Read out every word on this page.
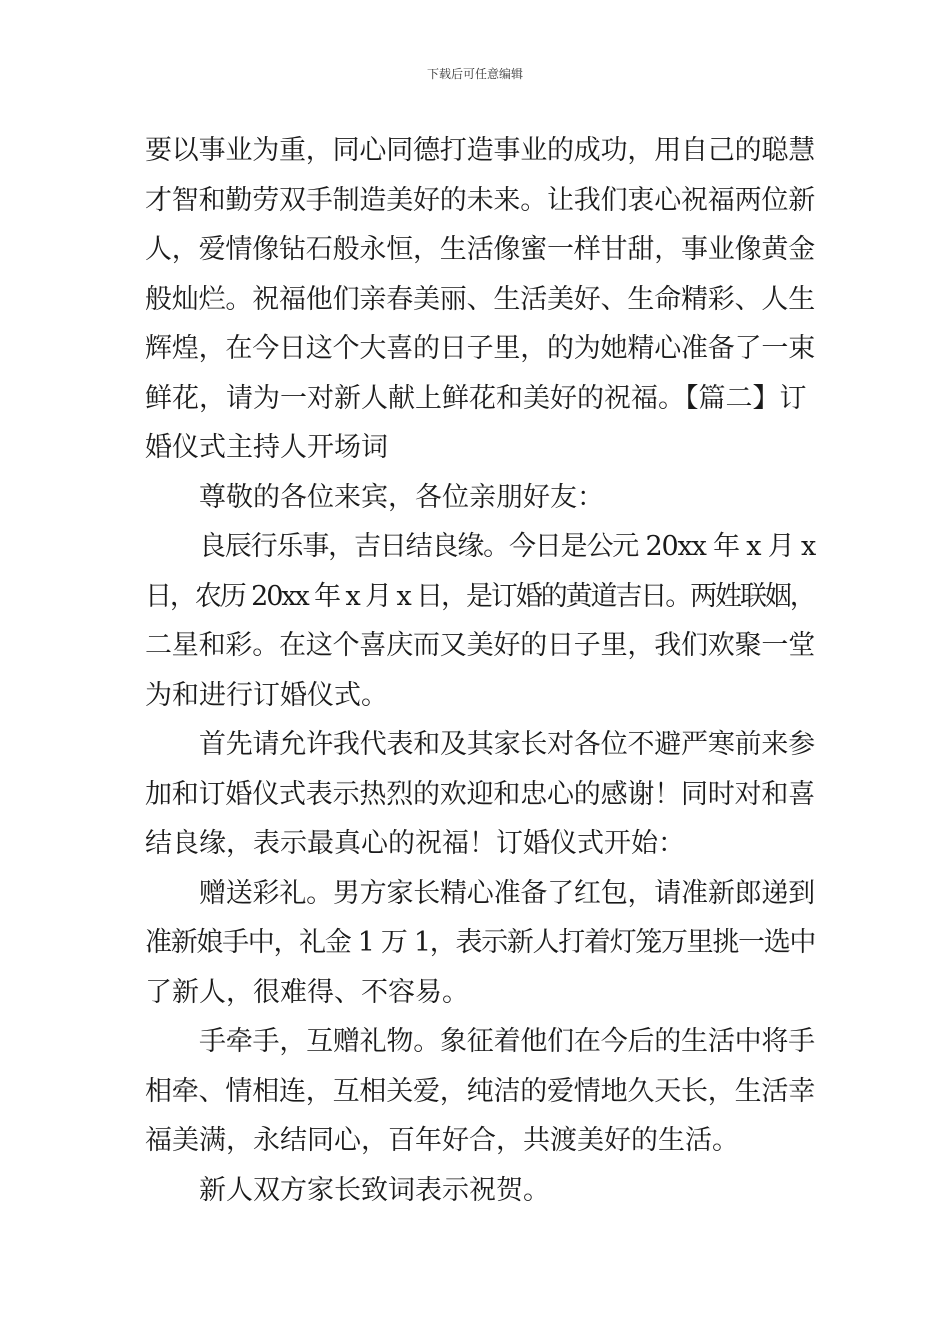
下载后可任意编辑

要以事业为重，同心同德打造事业的成功，用自己的聪慧
才智和勤劳双手制造美好的未来。让我们衷心祝福两位新
人，爱情像钻石般永恒，生活像蜜一样甘甜，事业像黄金
般灿烂。祝福他们亲春美丽、生活美好、生命精彩、人生
辉煌，在今日这个大喜的日子里，的为她精心准备了一束
鲜花，请为一对新人献上鲜花和美好的祝福。【篇二】订
婚仪式主持人开场词

尊敬的各位来宾，各位亲朋好友：

良辰行乐事，吉日结良缘。今日是公元 20xx 年 x 月 x
日，农历 20xx 年 x 月 x 日，是订婚的黄道吉日。两姓联姻，
二星和彩。在这个喜庆而又美好的日子里，我们欢聚一堂
为和进行订婚仪式。

首先请允许我代表和及其家长对各位不避严寒前来参
加和订婚仪式表示热烈的欢迎和忠心的感谢！同时对和喜
结良缘，表示最真心的祝福！订婚仪式开始：

赠送彩礼。男方家长精心准备了红包，请准新郎递到
准新娘手中，礼金 1 万 1，表示新人打着灯笼万里挑一选中
了新人，很难得、不容易。

手牵手，互赠礼物。象征着他们在今后的生活中将手
相牵、情相连，互相关爱，纯洁的爱情地久天长，生活幸
福美满，永结同心，百年好合，共渡美好的生活。

新人双方家长致词表示祝贺。
